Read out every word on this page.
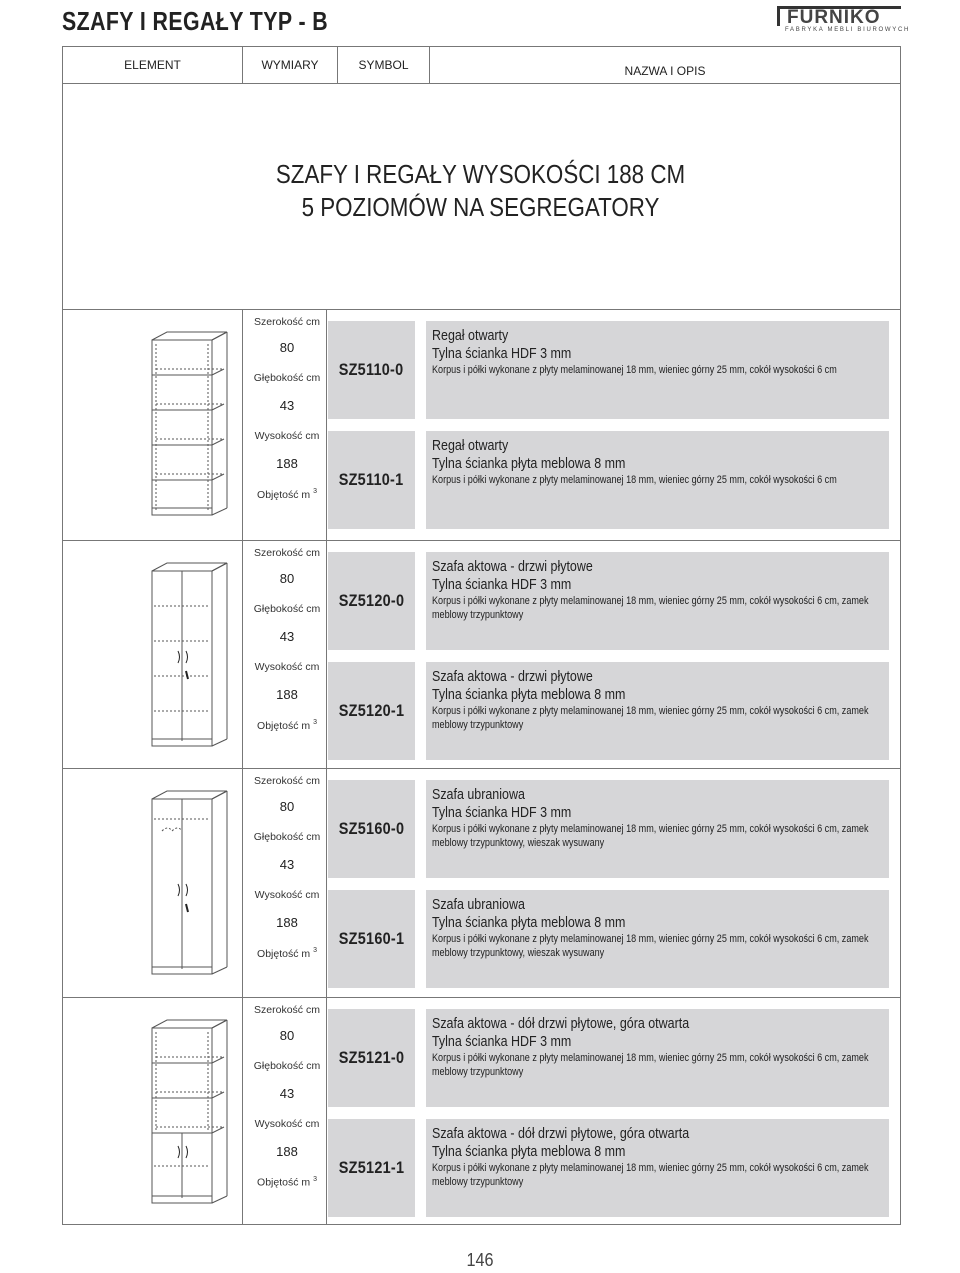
SZAFY I REGAŁY TYP - B	FURNIKO
FABRYKA MEBLI BIUROWYCH
ELEMENT	WYMIARY	SYMBOL	NAZWA I OPIS
SZAFY I REGAŁY WYSOKOŚCI 188 CM
5 POZIOMÓW NA SEGREGATORY
Szerokość cm
80
Głębokość cm
43
Wysokość cm
188
Objętość m $^3$
SZ5110-0
Regał otwarty
Tylna ścianka HDF 3 mm
Korpus i półki wykonane z płyty melaminowanej 18 mm, wieniec górny 25 mm, cokół wysokości 6 cm
SZ5110-1
Regał otwarty
Tylna ścianka płyta meblowa 8 mm
Korpus i półki wykonane z płyty melaminowanej 18 mm, wieniec górny 25 mm, cokół wysokości 6 cm
Szerokość cm
80
Głębokość cm
43
Wysokość cm
188
Objętość m $^3$
SZ5120-0
Szafa aktowa - drzwi płytowe
Tylna ścianka HDF 3 mm
Korpus i półki wykonane z płyty melaminowanej 18 mm, wieniec górny 25 mm, cokół wysokości 6 cm, zamek meblowy trzypunktowy
SZ5120-1
Szafa aktowa - drzwi płytowe
Tylna ścianka płyta meblowa 8 mm
Korpus i półki wykonane z płyty melaminowanej 18 mm, wieniec górny 25 mm, cokół wysokości 6 cm, zamek meblowy trzypunktowy
Szerokość cm
80
Głębokość cm
43
Wysokość cm
188
Objętość m $^3$
SZ5160-0
Szafa ubraniowa
Tylna ścianka HDF 3 mm
Korpus i półki wykonane z płyty melaminowanej 18 mm, wieniec górny 25 mm, cokół wysokości 6 cm, zamek meblowy trzypunktowy, wieszak wysuwany
SZ5160-1
Szafa ubraniowa
Tylna ścianka płyta meblowa 8 mm
Korpus i półki wykonane z płyty melaminowanej 18 mm, wieniec górny 25 mm, cokół wysokości 6 cm, zamek meblowy trzypunktowy, wieszak wysuwany
Szerokość cm
80
Głębokość cm
43
Wysokość cm
188
Objętość m $^3$
SZ5121-0
Szafa aktowa - dół drzwi płytowe, góra otwarta
Tylna ścianka HDF 3 mm
Korpus i półki wykonane z płyty melaminowanej 18 mm, wieniec górny 25 mm, cokół wysokości 6 cm, zamek meblowy trzypunktowy
SZ5121-1
Szafa aktowa - dół drzwi płytowe, góra otwarta
Tylna ścianka płyta meblowa 8 mm
Korpus i półki wykonane z płyty melaminowanej 18 mm, wieniec górny 25 mm, cokół wysokości 6 cm, zamek meblowy trzypunktowy
146
